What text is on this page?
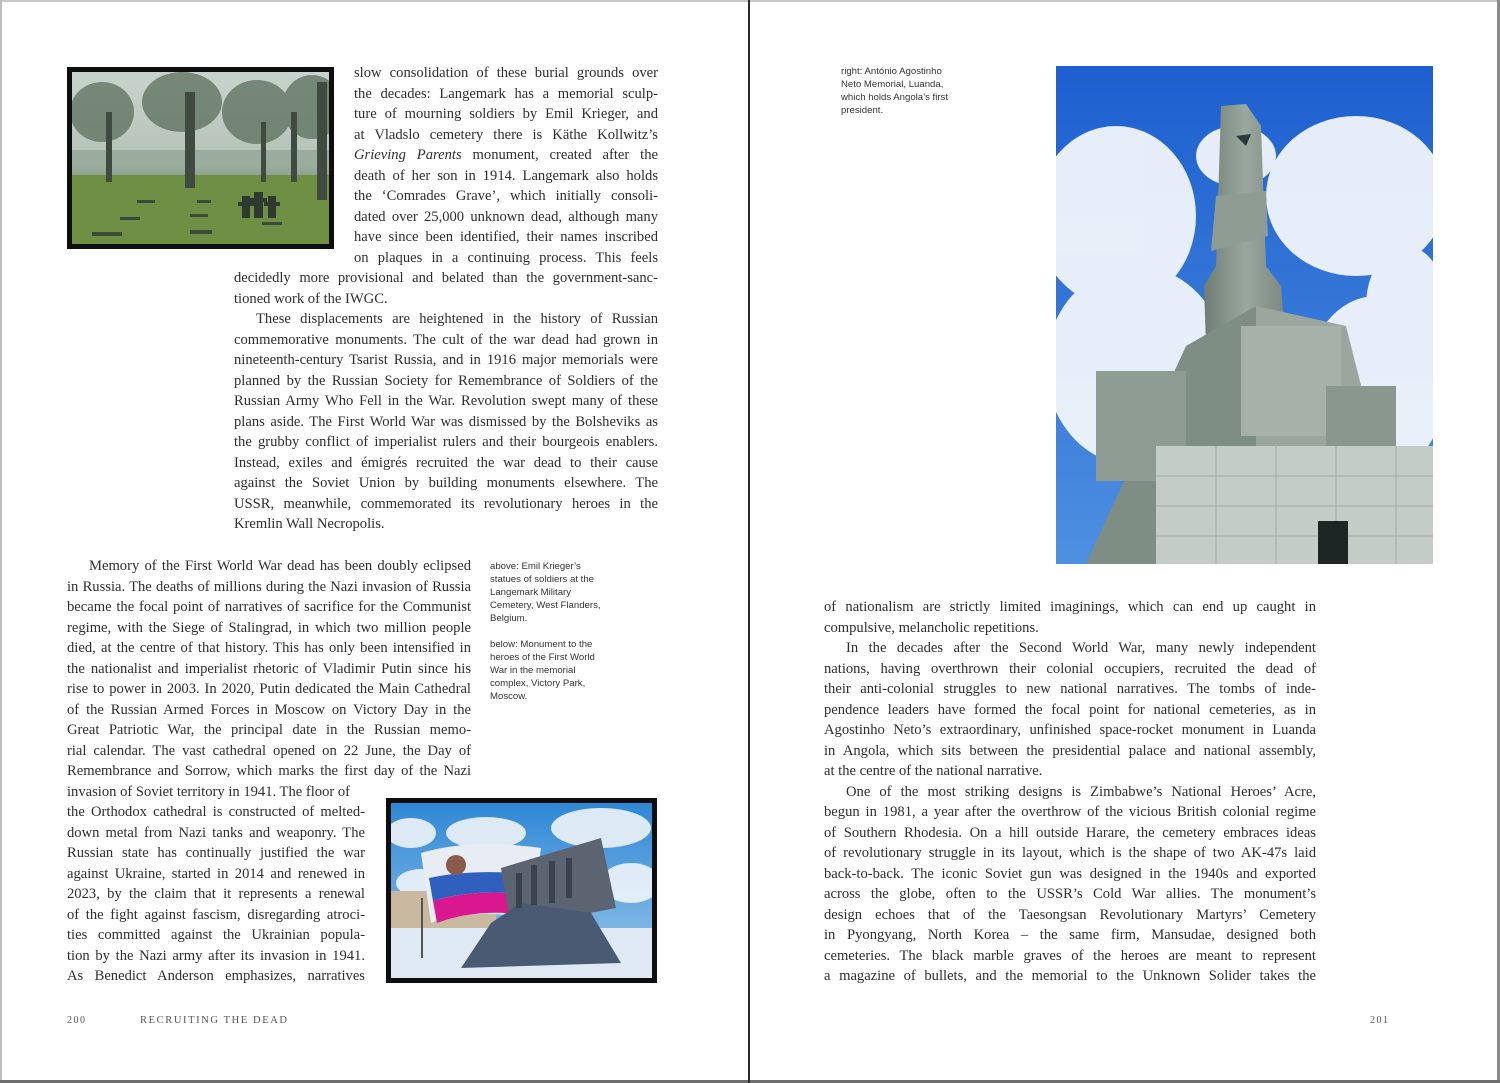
slow consolidation of these burial grounds over
the decades: Langemark has a memorial sculp-
ture of mourning soldiers by Emil Krieger, and
at Vladslo cemetery there is Käthe Kollwitz’s
Grieving Parents monument, created after the
death of her son in 1914. Langemark also holds
the ‘Comrades Grave’, which initially consoli-
dated over 25,000 unknown dead, although many
have since been identified, their names inscribed
on plaques in a continuing process. This feels
decidedly more provisional and belated than the government-sanc-
tioned work of the IWGC.
These displacements are heightened in the history of Russian
commemorative monuments. The cult of the war dead had grown in
nineteenth-century Tsarist Russia, and in 1916 major memorials were
planned by the Russian Society for Remembrance of Soldiers of the
Russian Army Who Fell in the War. Revolution swept many of these
plans aside. The First World War was dismissed by the Bolsheviks as
the grubby conflict of imperialist rulers and their bourgeois enablers.
Instead, exiles and émigrés recruited the war dead to their cause
against the Soviet Union by building monuments elsewhere. The
USSR, meanwhile, commemorated its revolutionary heroes in the
Kremlin Wall Necropolis.
Memory of the First World War dead has been doubly eclipsed
in Russia. The deaths of millions during the Nazi invasion of Russia
became the focal point of narratives of sacrifice for the Communist
regime, with the Siege of Stalingrad, in which two million people
died, at the centre of that history. This has only been intensified in
the nationalist and imperialist rhetoric of Vladimir Putin since his
rise to power in 2003. In 2020, Putin dedicated the Main Cathedral
of the Russian Armed Forces in Moscow on Victory Day in the
Great Patriotic War, the principal date in the Russian memo-
rial calendar. The vast cathedral opened on 22 June, the Day of
Remembrance and Sorrow, which marks the first day of the Nazi
invasion of Soviet territory in 1941. The floor of
the Orthodox cathedral is constructed of melted-
down metal from Nazi tanks and weaponry. The
Russian state has continually justified the war
against Ukraine, started in 2014 and renewed in
2023, by the claim that it represents a renewal
of the fight against fascism, disregarding atroci-
ties committed against the Ukrainian popula-
tion by the Nazi army after its invasion in 1941.
As Benedict Anderson emphasizes, narratives

above: Emil Krieger’s statues of soldiers at the Langemark Military Cemetery, West Flanders, Belgium.

below: Monument to the heroes of the First World War in the memorial complex, Victory Park, Moscow.

200	RECRUITING THE DEAD

right: António Agostinho Neto Memorial, Luanda, which holds Angola’s first president.

of nationalism are strictly limited imaginings, which can end up caught in
compulsive, melancholic repetitions.
In the decades after the Second World War, many newly independent
nations, having overthrown their colonial occupiers, recruited the dead of
their anti-colonial struggles to new national narratives. The tombs of inde-
pendence leaders have formed the focal point for national cemeteries, as in
Agostinho Neto’s extraordinary, unfinished space-rocket monument in Luanda
in Angola, which sits between the presidential palace and national assembly,
at the centre of the national narrative.
One of the most striking designs is Zimbabwe’s National Heroes’ Acre,
begun in 1981, a year after the overthrow of the vicious British colonial regime
of Southern Rhodesia. On a hill outside Harare, the cemetery embraces ideas
of revolutionary struggle in its layout, which is the shape of two AK-47s laid
back-to-back. The iconic Soviet gun was designed in the 1940s and exported
across the globe, often to the USSR’s Cold War allies. The monument’s
design echoes that of the Taesongsan Revolutionary Martyrs’ Cemetery
in Pyongyang, North Korea – the same firm, Mansudae, designed both
cemeteries. The black marble graves of the heroes are meant to represent
a magazine of bullets, and the memorial to the Unknown Solider takes the
201
